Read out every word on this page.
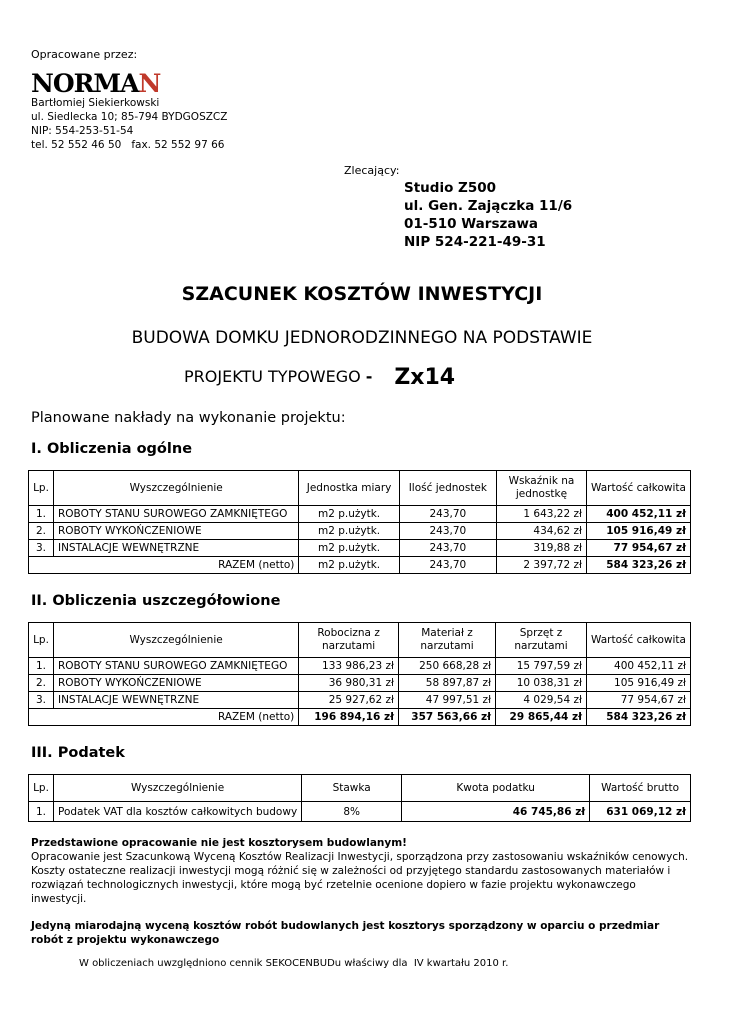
Opracowane przez:
NORMAN
Bartłomiej Siekierkowski
ul. Siedlecka 10; 85-794 BYDGOSZCZ
NIP: 554-253-51-54
tel. 52 552 46 50   fax. 52 552 97 66
Zlecający:
Studio Z500
ul. Gen. Zajączka 11/6
01-510 Warszawa
NIP 524-221-49-31
SZACUNEK KOSZTÓW INWESTYCJI
BUDOWA DOMKU JEDNORODZINNEGO NA PODSTAWIE
PROJEKTU TYPOWEGO - Zx14
Planowane nakłady na wykonanie projektu:
I. Obliczenia ogólne
Lp.	Wyszczególnienie	Jednostka miary	Ilość jednostek	Wskaźnik na jednostkę	Wartość całkowita
1.	ROBOTY STANU SUROWEGO ZAMKNIĘTEGO	m2 p.użytk.	243,70	1 643,22 zł	400 452,11 zł
2.	ROBOTY WYKOŃCZENIOWE	m2 p.użytk.	243,70	434,62 zł	105 916,49 zł
3.	INSTALACJE WEWNĘTRZNE	m2 p.użytk.	243,70	319,88 zł	77 954,67 zł
RAZEM (netto)		m2 p.użytk.	243,70	2 397,72 zł	584 323,26 zł
II. Obliczenia uszczegółowione
Lp.	Wyszczególnienie	Robocizna z narzutami	Materiał z narzutami	Sprzęt z narzutami	Wartość całkowita
1.	ROBOTY STANU SUROWEGO ZAMKNIĘTEGO	133 986,23 zł	250 668,28 zł	15 797,59 zł	400 452,11 zł
2.	ROBOTY WYKOŃCZENIOWE	36 980,31 zł	58 897,87 zł	10 038,31 zł	105 916,49 zł
3.	INSTALACJE WEWNĘTRZNE	25 927,62 zł	47 997,51 zł	4 029,54 zł	77 954,67 zł
RAZEM (netto)		196 894,16 zł	357 563,66 zł	29 865,44 zł	584 323,26 zł
III. Podatek
Lp.	Wyszczególnienie	Stawka	Kwota podatku	Wartość brutto
1.	Podatek VAT dla kosztów całkowitych budowy	8%	46 745,86 zł	631 069,12 zł
Przedstawione opracowanie nie jest kosztorysem budowlanym!
Opracowanie jest Szacunkową Wyceną Kosztów Realizacji Inwestycji, sporządzona przy zastosowaniu wskaźników cenowych. Koszty ostateczne realizacji inwestycji mogą różnić się w zależności od przyjętego standardu zastosowanych materiałów i rozwiązań technologicznych inwestycji, które mogą być rzetelnie ocenione dopiero w fazie projektu wykonawczego inwestycji.
Jedyną miarodajną wyceną kosztów robót budowlanych jest kosztorys sporządzony w oparciu o przedmiar robót z projektu wykonawczego
W obliczeniach uwzględniono cennik SEKOCENBUDu właściwy dla  IV kwartału 2010 r.
